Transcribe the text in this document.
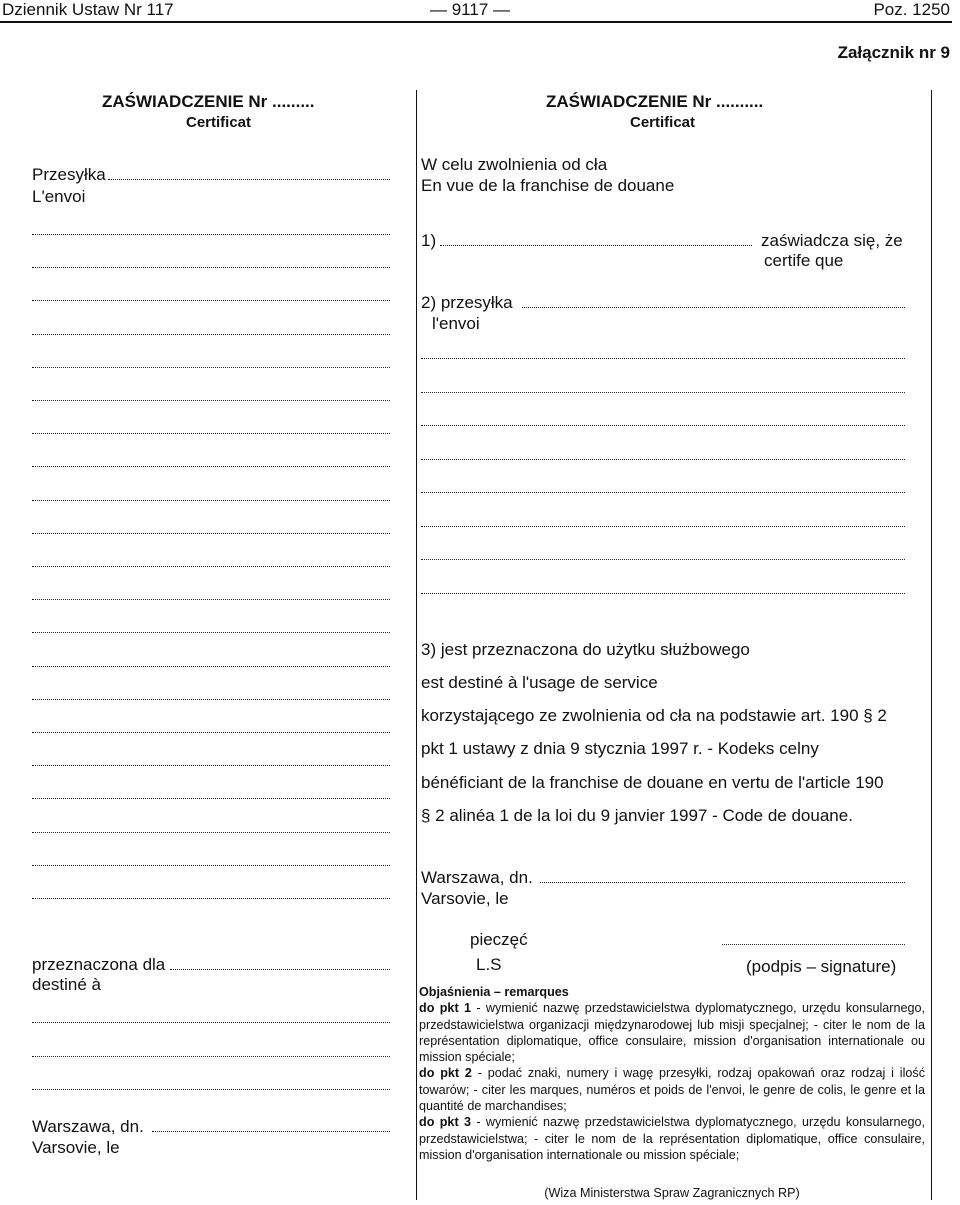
Dziennik Ustaw Nr 117	— 9117 —	Poz. 1250
Załącznik nr 9
ZAŚWIADCZENIE Nr .........
Certificat
Przesyłka
L'envoi
przeznaczona dla
destiné à
Warszawa, dn.
Varsovie, le
ZAŚWIADCZENIE Nr ..........
Certificat
W celu zwolnienia od cła
En vue de la franchise de douane
1)	zaświadcza się, że
certife que
2) przesyłka
l'envoi
3) jest przeznaczona do użytku służbowego
est destiné à l'usage de service
korzystającego ze zwolnienia od cła na podstawie art. 190 § 2
pkt 1 ustawy z dnia 9 stycznia 1997 r. - Kodeks celny
bénéficiant de la franchise de douane en vertu de l'article 190
§ 2 alinéa 1 de la loi du 9 janvier 1997 - Code de douane.
Warszawa, dn.
Varsovie, le
pieczęć
L.S	(podpis – signature)

Objaśnienia – remarques

do pkt 1 - wymienić nazwę przedstawicielstwa dyplomatycznego, urzędu konsularnego, przedstawicielstwa organizacji międzynarodowej lub misji specjalnej; - citer le nom de la représentation diplomatique, office consulaire, mission d'organisation internationale ou mission spéciale;

do pkt 2 - podać znaki, numery i wagę przesyłki, rodzaj opakowań oraz rodzaj i ilość towarów; - citer les marques, numéros et poids de l'envoi, le genre de colis, le genre et la quantité de marchandises;

do pkt 3 - wymienić nazwę przedstawicielstwa dyplomatycznego, urzędu konsularnego, przedstawicielstwa; - citer le nom de la représentation diplomatique, office consulaire, mission d'organisation internationale ou mission spéciale;

(Wiza Ministerstwa Spraw Zagranicznych RP)
